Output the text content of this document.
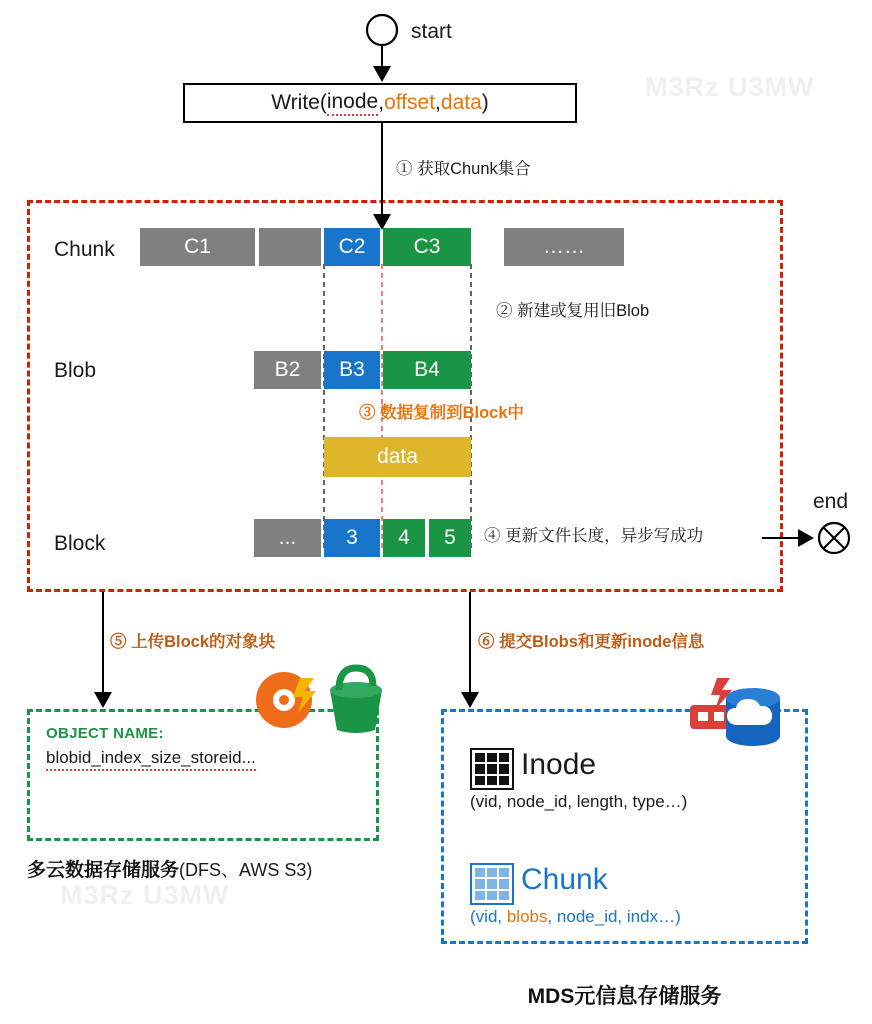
M3Rz U3MW
M3Rz U3MW
start
end
Write( inode , offset , data )
① 获取Chunk集合
Chunk	C1	C2	C3	……
② 新建或复用旧Blob
Blob	B2	B3	B4
③ 数据复制到Block中
data
Block	...	3	4	5	④ 更新文件长度，异步写成功
⑤ 上传Block的对象块	⑥ 提交Blobs和更新inode信息
OBJECT NAME:
blobid_index_size_storeid...
多云数据存储服务(DFS、AWS S3)
Inode
(vid, node_id, length, type…)
Chunk
(vid, blobs, node_id, indx…)
MDS元信息存储服务
